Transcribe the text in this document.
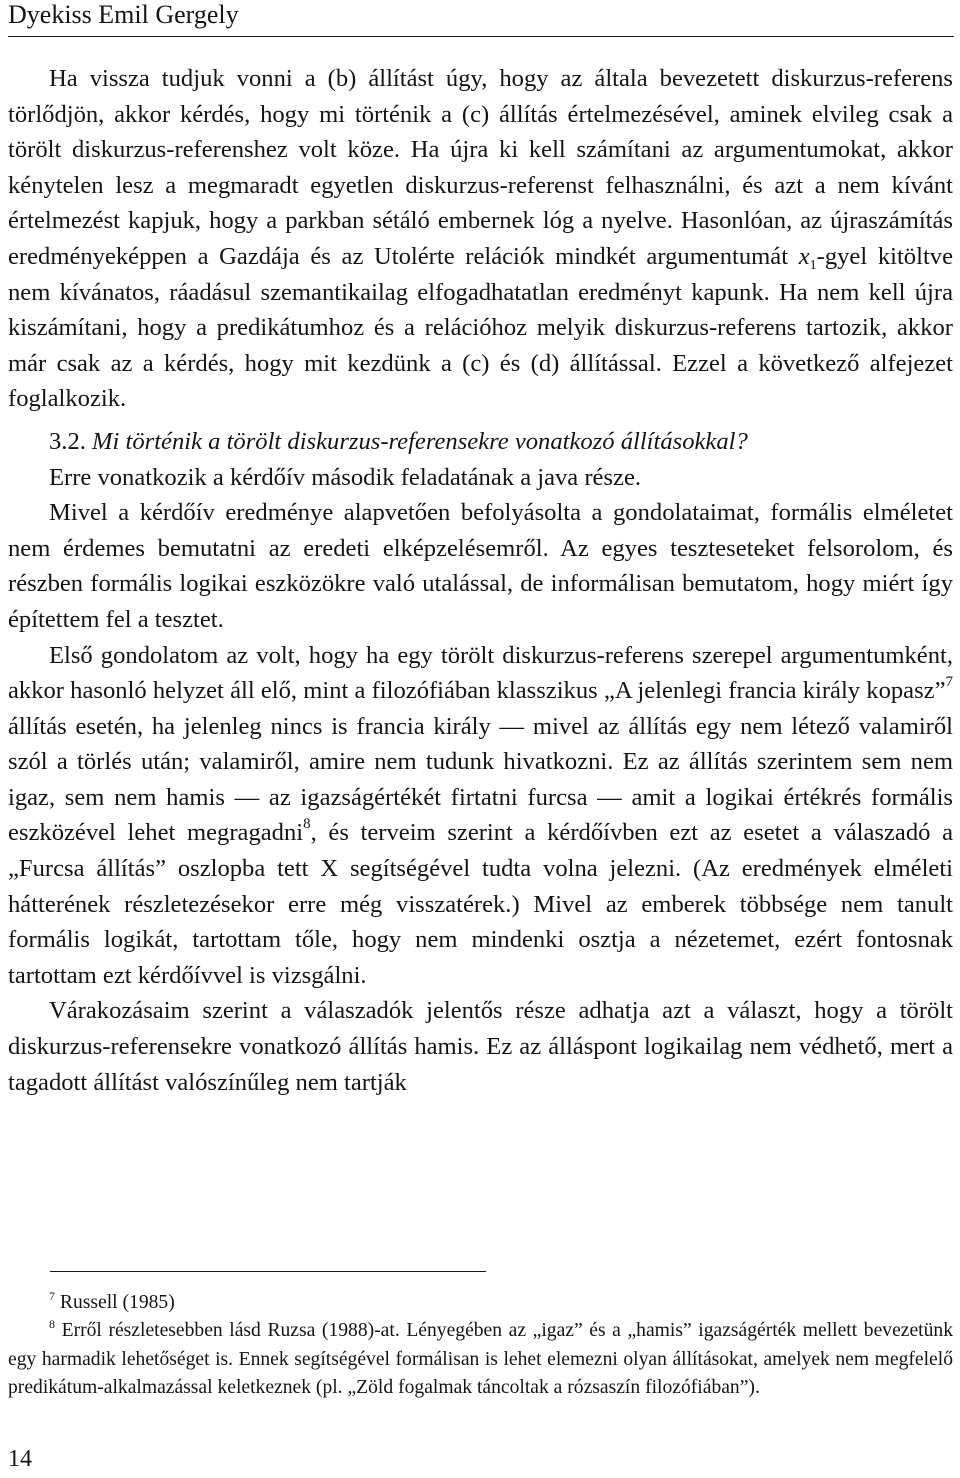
Dyekiss Emil Gergely

Ha vissza tudjuk vonni a (b) állítást úgy, hogy az általa bevezetett diskurzus-referens törlődjön, akkor kérdés, hogy mi történik a (c) állítás értelmezésével, aminek elvileg csak a törölt diskurzus-referenshez volt köze. Ha újra ki kell számítani az argumentumokat, akkor kénytelen lesz a megmaradt egyetlen diskurzus-referenst felhasználni, és azt a nem kívánt értelmezést kapjuk, hogy a parkban sétáló embernek lóg a nyelve. Hasonlóan, az újraszámítás eredményeképpen a Gazdája és az Utolérte relációk mindkét argumentumát $x_1$-gyel kitöltve nem kívánatos, ráadásul szemantikailag elfogadhatatlan eredményt kapunk. Ha nem kell újra kiszámítani, hogy a predikátumhoz és a relációhoz melyik diskurzus-referens tartozik, akkor már csak az a kérdés, hogy mit kezdünk a (c) és (d) állítással. Ezzel a következő alfejezet foglalkozik.

3.2. Mi történik a törölt diskurzus-referensekre vonatkozó állításokkal?

Erre vonatkozik a kérdőív második feladatának a java része.

Mivel a kérdőív eredménye alapvetően befolyásolta a gondolataimat, formális elméletet nem érdemes bemutatni az eredeti elképzelésemről. Az egyes teszteseteket felsorolom, és részben formális logikai eszközökre való utalással, de informálisan bemutatom, hogy miért így építettem fel a tesztet.

Első gondolatom az volt, hogy ha egy törölt diskurzus-referens szerepel argumentumként, akkor hasonló helyzet áll elő, mint a filozófiában klasszikus „A jelenlegi francia király kopasz”$^7$ állítás esetén, ha jelenleg nincs is francia király — mivel az állítás egy nem létező valamiről szól a törlés után; valamiről, amire nem tudunk hivatkozni. Ez az állítás szerintem sem nem igaz, sem nem hamis — az igazságértékét firtatni furcsa — amit a logikai értékrés formális eszközével lehet megragadni$^8$, és terveim szerint a kérdőívben ezt az esetet a válaszadó a „Furcsa állítás” oszlopba tett X segítségével tudta volna jelezni. (Az eredmények elméleti hátterének részletezésekor erre még visszatérek.) Mivel az emberek többsége nem tanult formális logikát, tartottam tőle, hogy nem mindenki osztja a nézetemet, ezért fontosnak tartottam ezt kérdőívvel is vizsgálni.

Várakozásaim szerint a válaszadók jelentős része adhatja azt a választ, hogy a törölt diskurzus-referensekre vonatkozó állítás hamis. Ez az álláspont logikailag nem védhető, mert a tagadott állítást valószínűleg nem tartják

$^7$ Russell (1985)

$^8$ Erről részletesebben lásd Ruzsa (1988)-at. Lényegében az „igaz” és a „hamis” igazságérték mellett bevezetünk egy harmadik lehetőséget is. Ennek segítségével formálisan is lehet elemezni olyan állításokat, amelyek nem megfelelő predikátum-alkalmazással keletkeznek (pl. „Zöld fogalmak táncoltak a rózsaszín filozófiában”).

14
